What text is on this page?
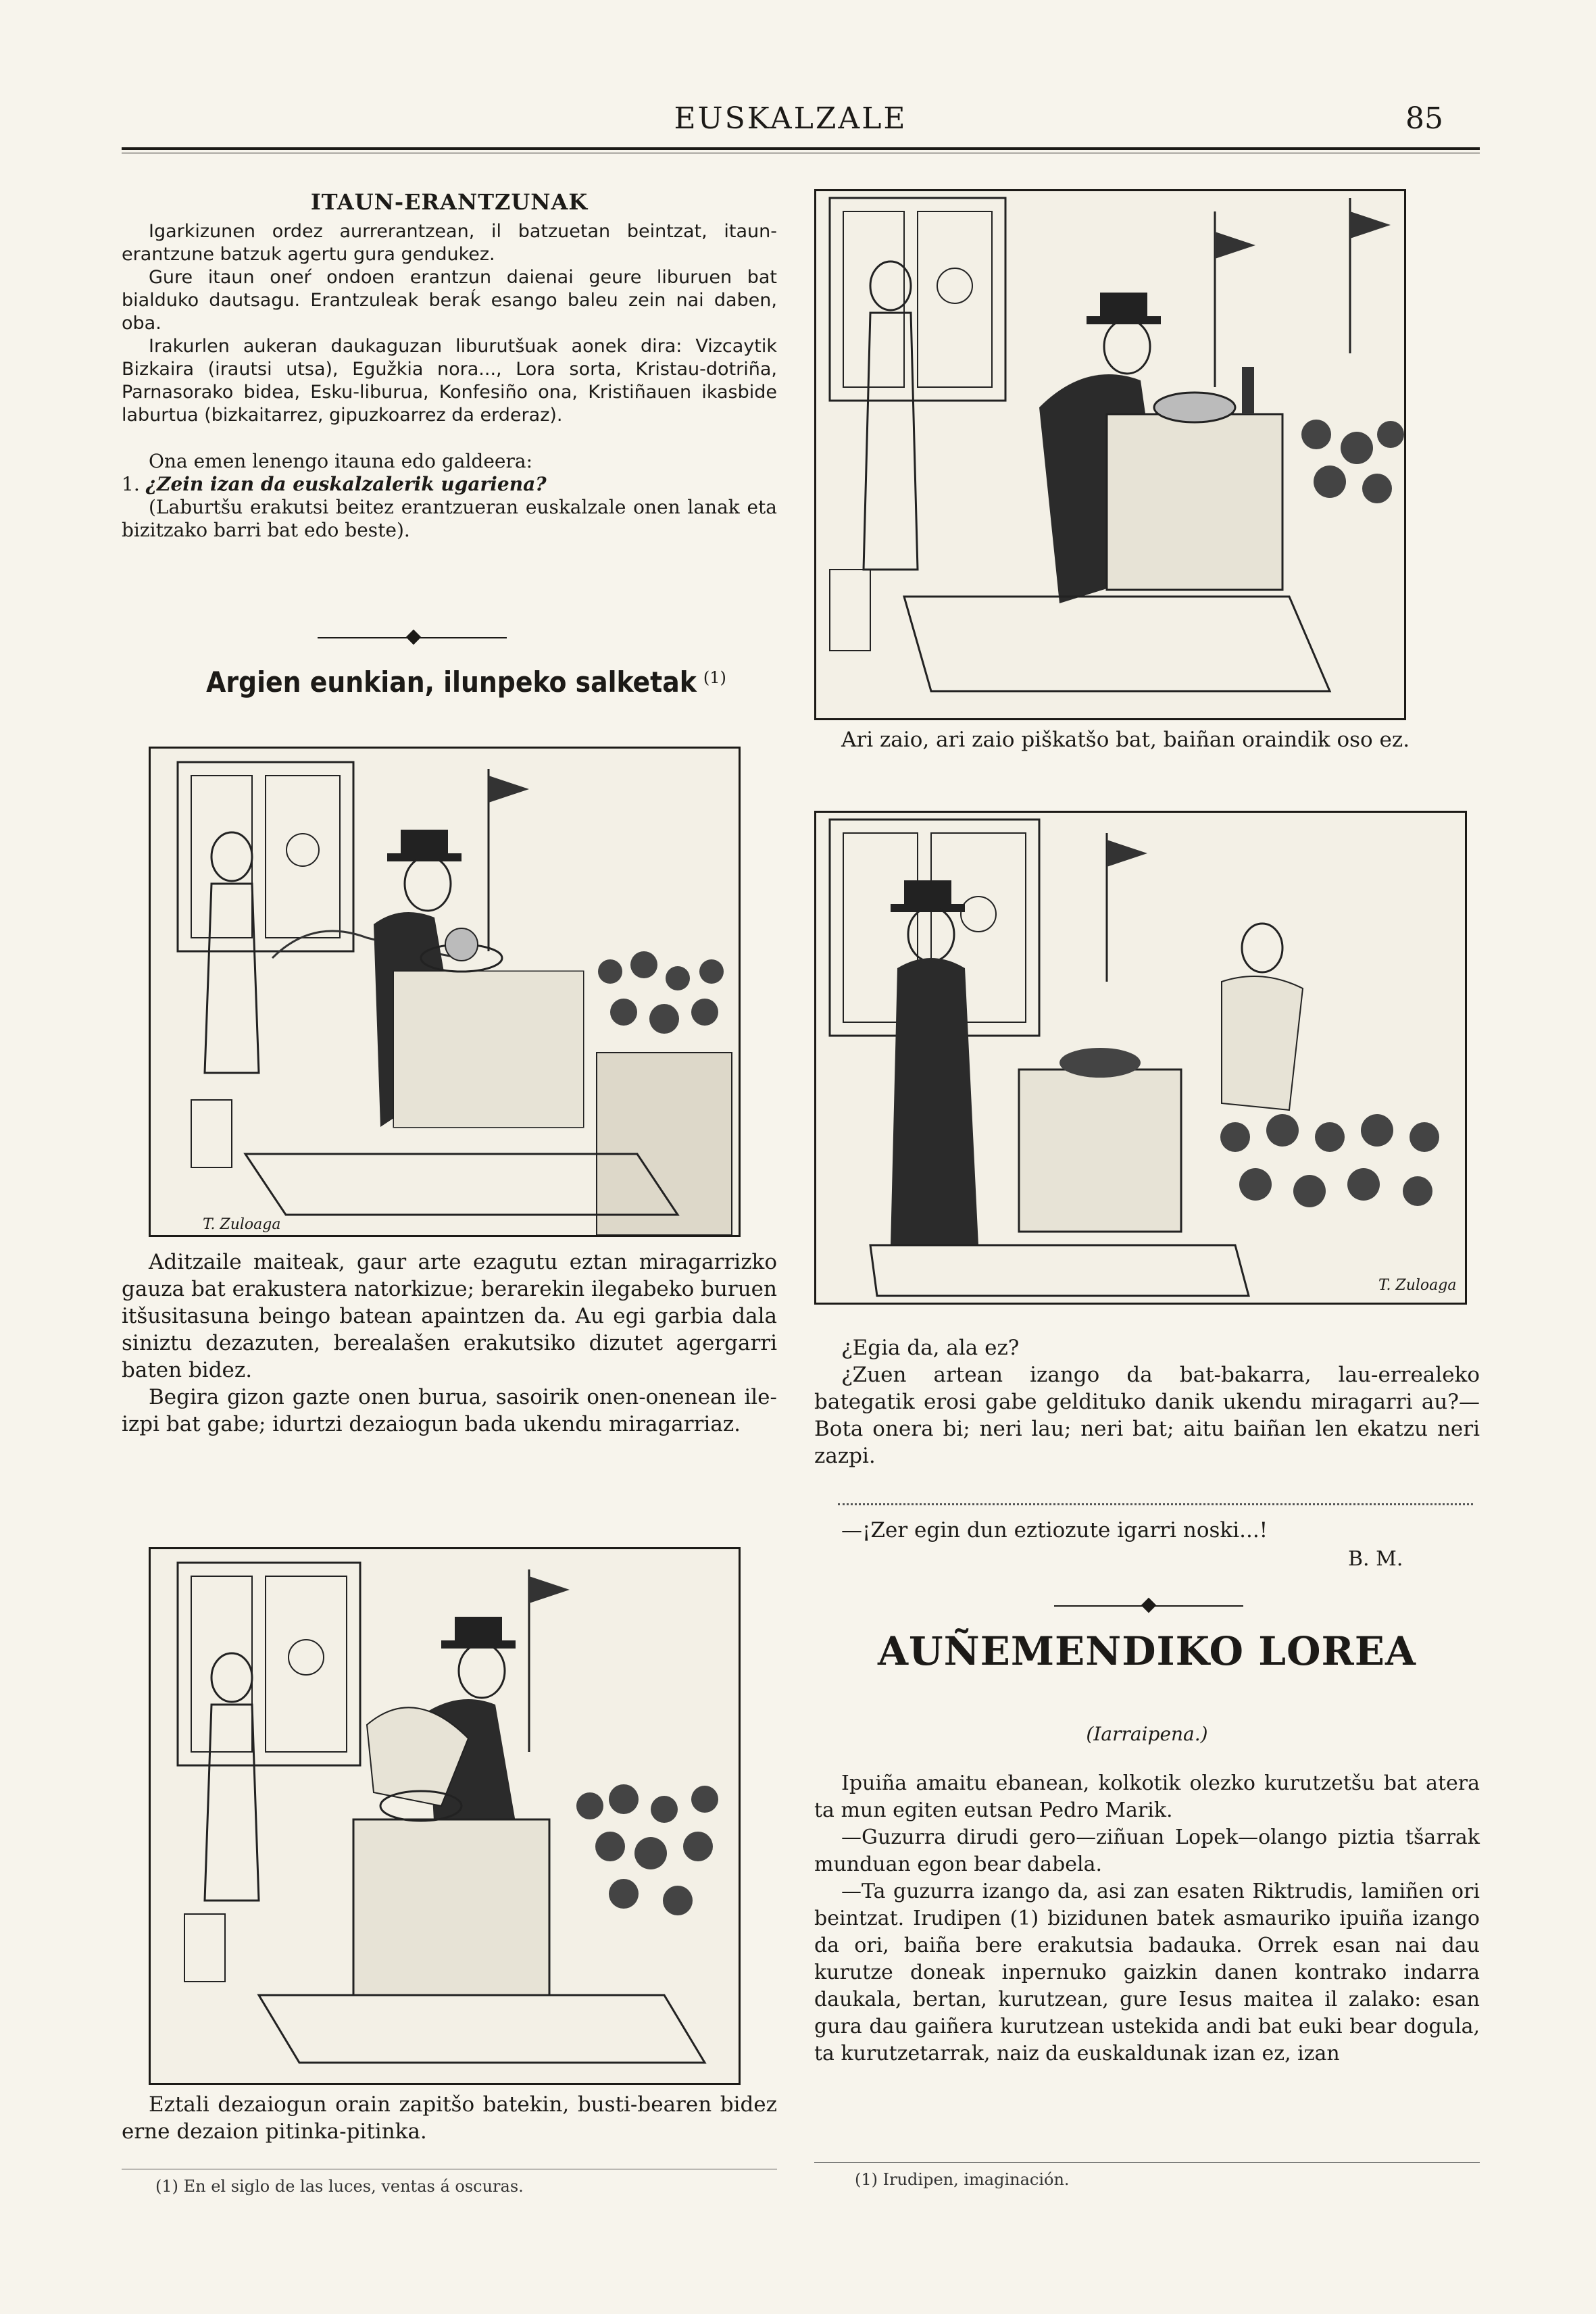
EUSKALZALE	85
ITAUN-ERANTZUNAK

Igarkizunen ordez aurrerantzean, il batzuetan beintzat, itaun-erantzune batzuk agertu gura gendukez.

Gure itaun oneŕ ondoen erantzun daienai geure liburuen bat bialduko dautsagu. Erantzuleak beraḱ esango baleu zein nai daben, oba.

Irakurlen aukeran daukaguzan liburutšuak aonek dira: Vizcaytik Bizkaira (irautsi utsa), Egužkia nora..., Lora sorta, Kristau-dotriña, Parnasorako bidea, Esku-liburua, Konfesiño ona, Kristiñauen ikasbide laburtua (bizkaitarrez, gipuzkoarrez da erderaz).

Ona emen lenengo itauna edo galdeera:

1. ¿Zein izan da euskalzalerik ugariena?

(Laburtšu erakutsi beitez erantzueran euskalzale onen lanak eta bizitzako barri bat edo beste).

Argien eunkian, ilunpeko salketak (1)
T. Zuloaga

Aditzaile maiteak, gaur arte ezagutu eztan miragarrizko gauza bat erakustera natorkizue; berarekin ilegabeko buruen itšusitasuna beingo batean apaintzen da. Au egi garbia dala siniztu dezazuten, berealašen erakutsiko dizutet agergarri baten bidez.

Begira gizon gazte onen burua, sasoirik onen-onenean ile-izpi bat gabe; idurtzi dezaiogun bada ukendu miragarriaz.

Eztali dezaiogun orain zapitšo batekin, busti-bearen bidez erne dezaion pitinka-pitinka.

(1) En el siglo de las luces, ventas á oscuras.

Ari zaio, ari zaio piškatšo bat, baiñan oraindik oso ez.

T. Zuloaga

¿Egia da, ala ez?

¿Zuen artean izango da bat-bakarra, lau-errealeko bategatik erosi gabe gelditukо danik ukendu miragarri au?—Bota onera bi; neri lau; neri bat; aitu baiñan len ekatzu neri zazpi.

—¡Zer egin dun eztiozute igarri noski...!

B. M.
AUÑEMENDIKO LOREA
(Iarraipena.)

Ipuiña amaitu ebanean, kolkotik olezko kurutzetšu bat atera ta mun egiten eutsan Pedro Marik.

—Guzurra dirudi gero—ziñuan Lopek—olango piztia tšarrak munduan egon bear dabela.

—Ta guzurra izango da, asi zan esaten Riktrudis, lamiñen ori beintzat. Irudipen (1) bizidunen batek asmauriko ipuiña izango da ori, baiña bere erakutsia badauka. Orrek esan nai dau kurutze doneak inpernuko gaizkin danen kontrako indarra daukala, bertan, kurutzean, gure Iesus maitea il zalako: esan gura dau gaiñera kurutzean ustekida andi bat euki bear dogula, ta kurutzetarrak, naiz da euskaldunak izan ez, izan

(1) Irudipen, imaginación.
